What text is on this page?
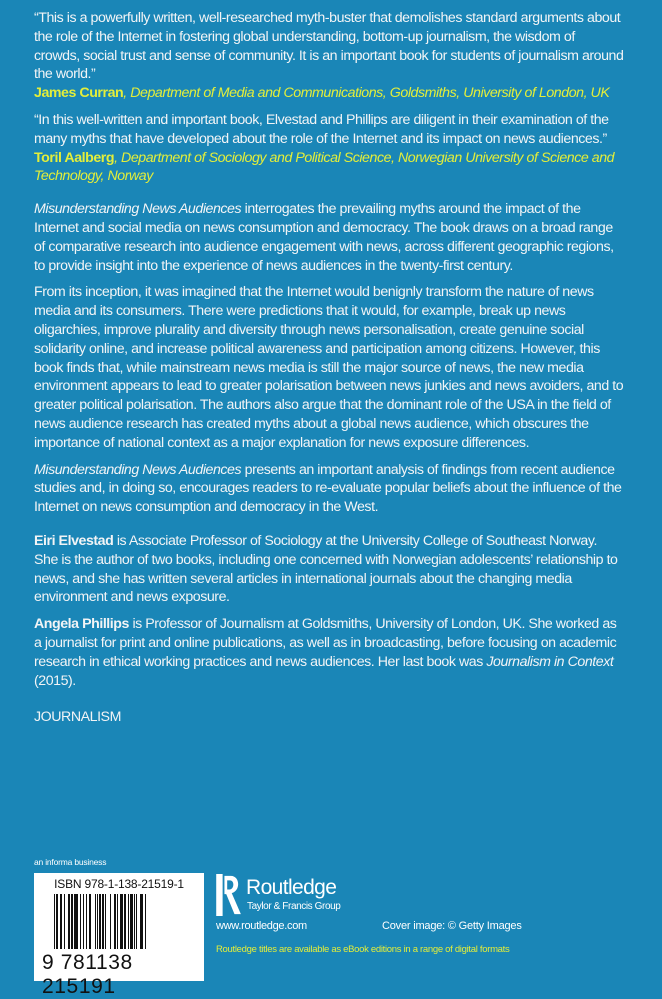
“This is a powerfully written, well-researched myth-buster that demolishes standard arguments about the role of the Internet in fostering global understanding, bottom-up journalism, the wisdom of crowds, social trust and sense of community. It is an important book for students of journalism around the world.”

James Curran, Department of Media and Communications, Goldsmiths, University of London, UK

“In this well-written and important book, Elvestad and Phillips are diligent in their examination of the many myths that have developed about the role of the Internet and its impact on news audiences.”

Toril Aalberg, Department of Sociology and Political Science, Norwegian University of Science and Technology, Norway

Misunderstanding News Audiences interrogates the prevailing myths around the impact of the Internet and social media on news consumption and democracy. The book draws on a broad range of comparative research into audience engagement with news, across different geographic regions, to provide insight into the experience of news audiences in the twenty-first century.

From its inception, it was imagined that the Internet would benignly transform the nature of news media and its consumers. There were predictions that it would, for example, break up news oligarchies, improve plurality and diversity through news personalisation, create genuine social solidarity online, and increase political awareness and participation among citizens. However, this book finds that, while mainstream news media is still the major source of news, the new media environment appears to lead to greater polarisation between news junkies and news avoiders, and to greater political polarisation. The authors also argue that the dominant role of the USA in the field of news audience research has created myths about a global news audience, which obscures the importance of national context as a major explanation for news exposure differences.

Misunderstanding News Audiences presents an important analysis of findings from recent audience studies and, in doing so, encourages readers to re-evaluate popular beliefs about the influence of the Internet on news consumption and democracy in the West.

Eiri Elvestad is Associate Professor of Sociology at the University College of Southeast Norway. She is the author of two books, including one concerned with Norwegian adolescents’ relationship to news, and she has written several articles in international journals about the changing media environment and news exposure.

Angela Phillips is Professor of Journalism at Goldsmiths, University of London, UK. She worked as a journalist for print and online publications, as well as in broadcasting, before focusing on academic research in ethical working practices and news audiences. Her last book was Journalism in Context (2015).

JOURNALISM
an informa business
ISBN 978-1-138-21519-1
9 781138 215191
Routledge
Taylor & Francis Group
www.routledge.com	Cover image: © Getty Images
Routledge titles are available as eBook editions in a range of digital formats
